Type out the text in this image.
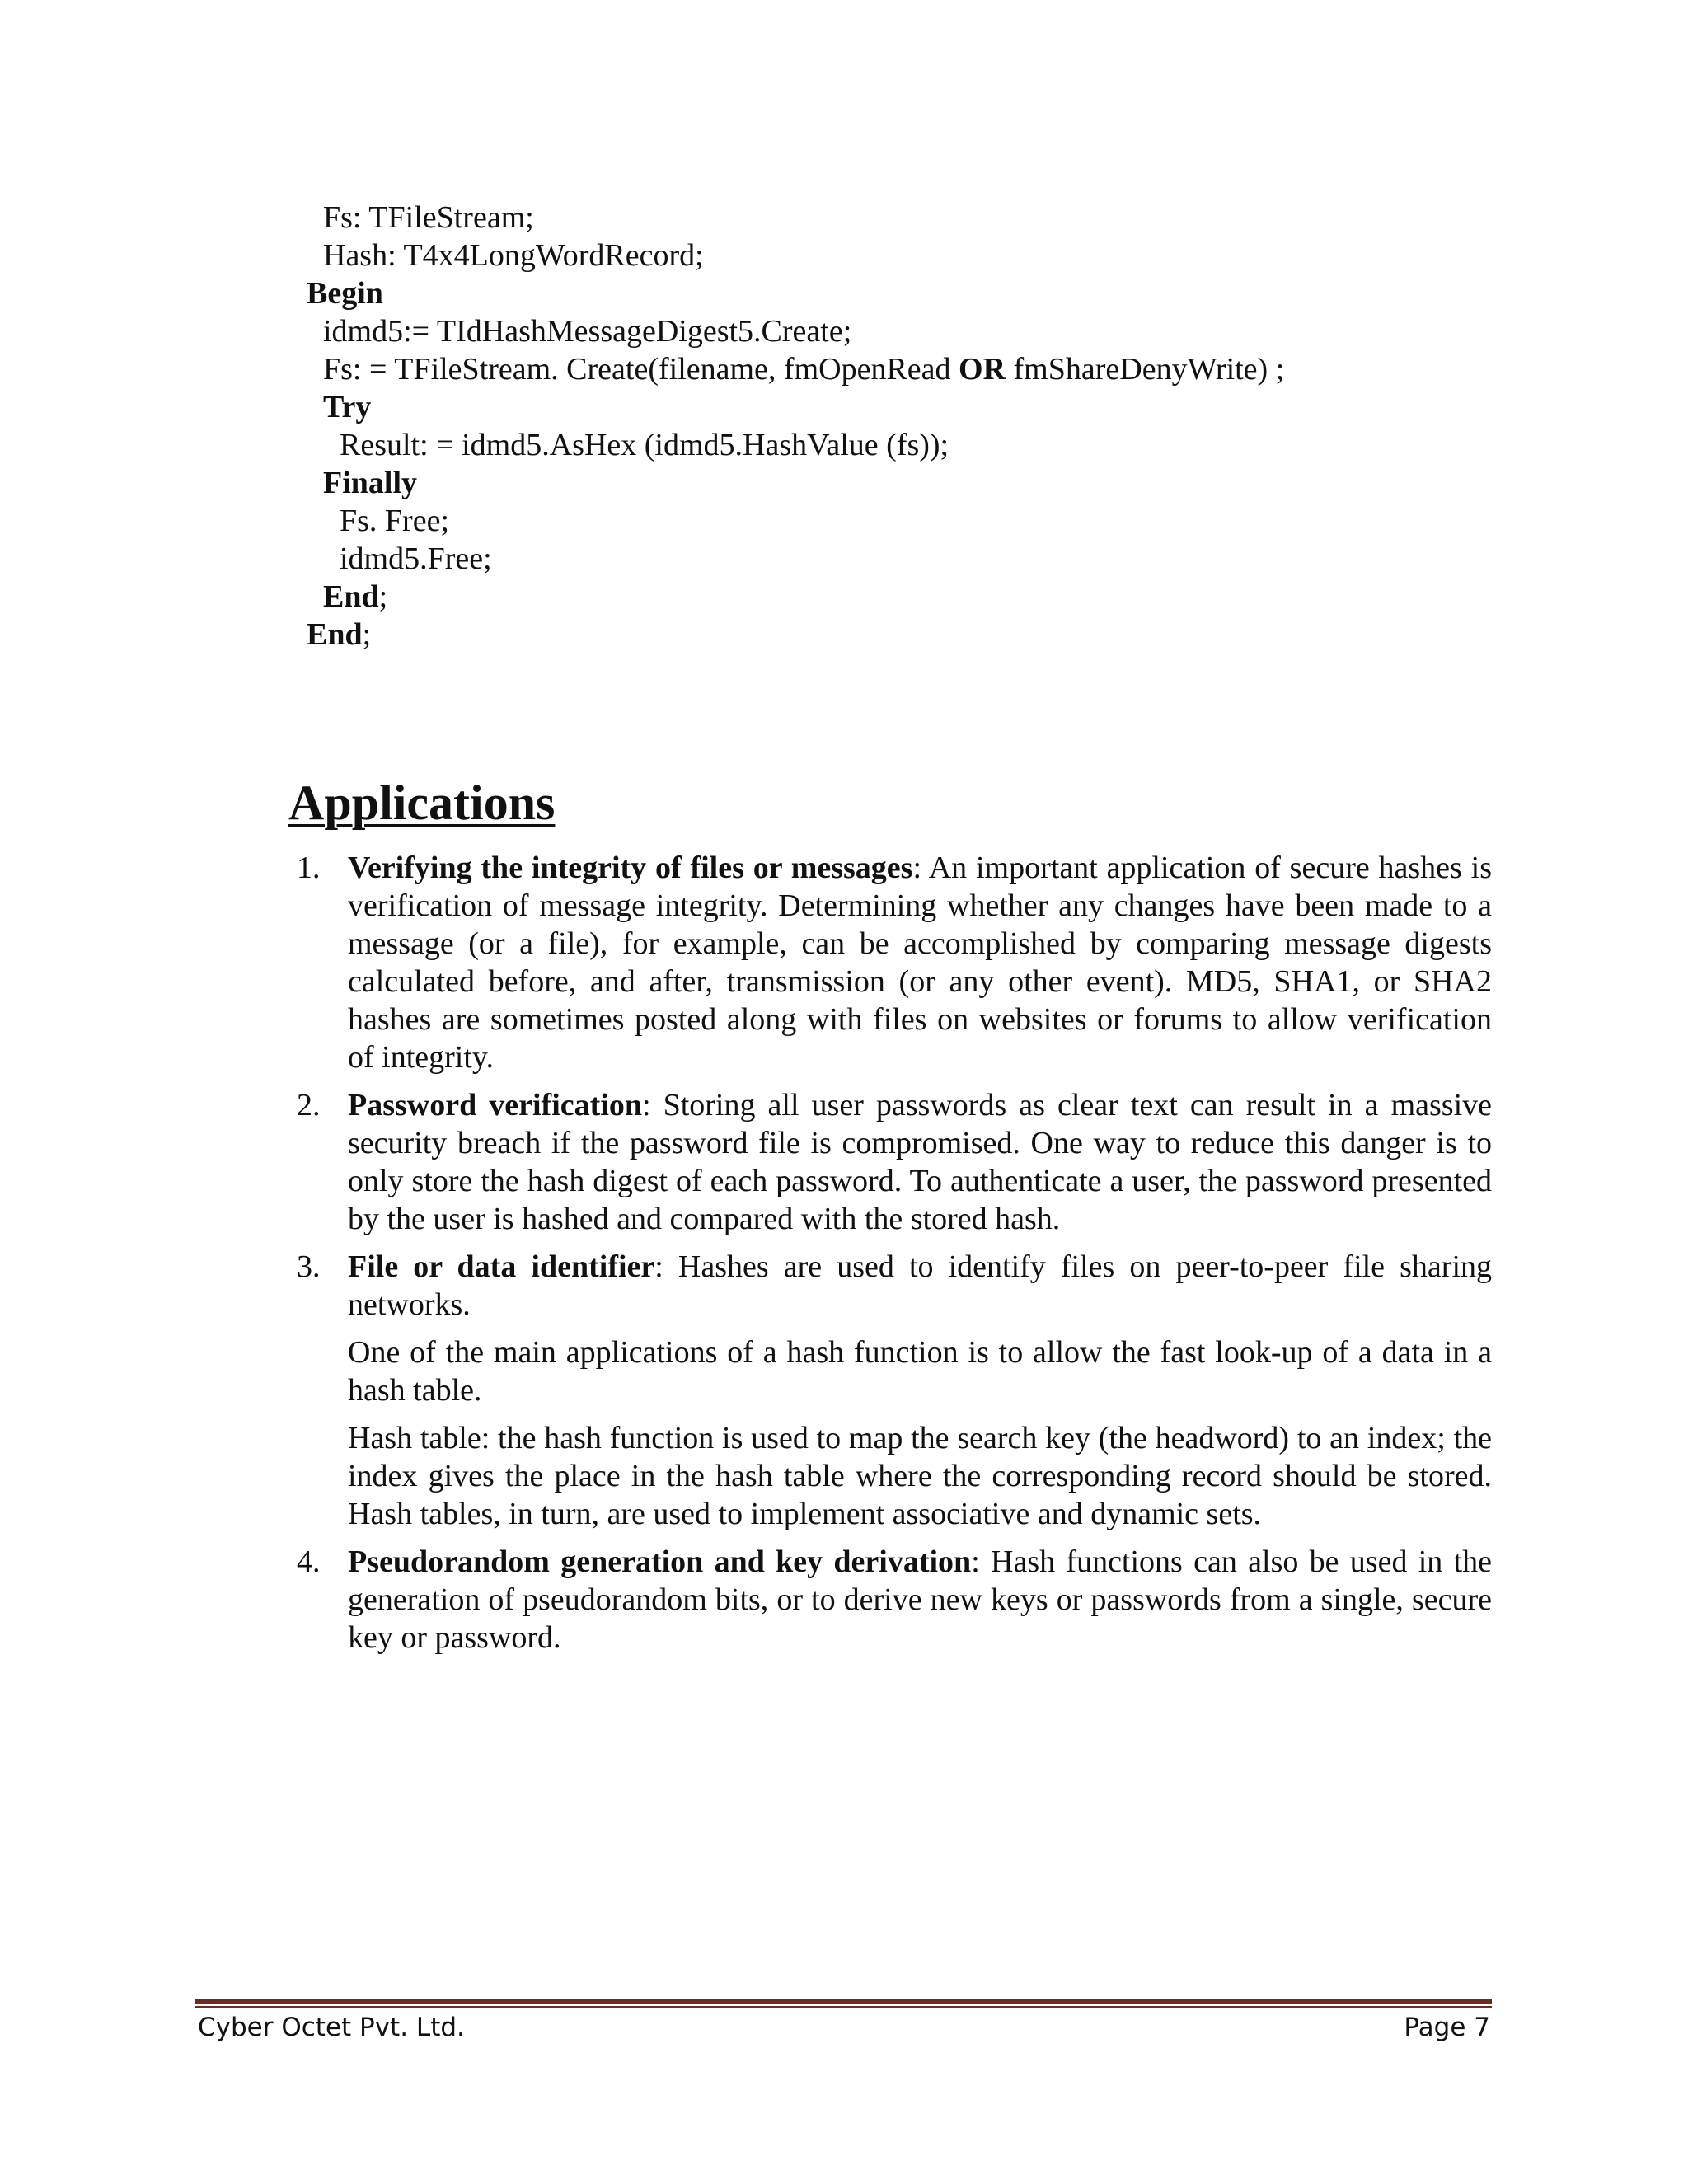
Fs: TFileStream;
Hash: T4x4LongWordRecord;
Begin
idmd5:= TIdHashMessageDigest5.Create;
Fs: = TFileStream. Create(filename, fmOpenRead OR fmShareDenyWrite) ;
Try
Result: = idmd5.AsHex (idmd5.HashValue (fs));
Finally
Fs. Free;
idmd5.Free;
End;
End;
Applications
1. Verifying the integrity of files or messages: An important application of secure hashes is verification of message integrity. Determining whether any changes have been made to a message (or a file), for example, can be accomplished by comparing message digests calculated before, and after, transmission (or any other event). MD5, SHA1, or SHA2 hashes are sometimes posted along with files on websites or forums to allow verification of integrity.

2. Password verification: Storing all user passwords as clear text can result in a massive security breach if the password file is compromised. One way to reduce this danger is to only store the hash digest of each password. To authenticate a user, the password presented by the user is hashed and compared with the stored hash.

3. File or data identifier: Hashes are used to identify files on peer-to-peer file sharing networks.

One of the main applications of a hash function is to allow the fast look-up of a data in a hash table.

Hash table: the hash function is used to map the search key (the headword) to an index; the index gives the place in the hash table where the corresponding record should be stored. Hash tables, in turn, are used to implement associative and dynamic sets.

4. Pseudorandom generation and key derivation: Hash functions can also be used in the generation of pseudorandom bits, or to derive new keys or passwords from a single, secure key or password.

Cyber Octet Pvt. Ltd.	Page 7
